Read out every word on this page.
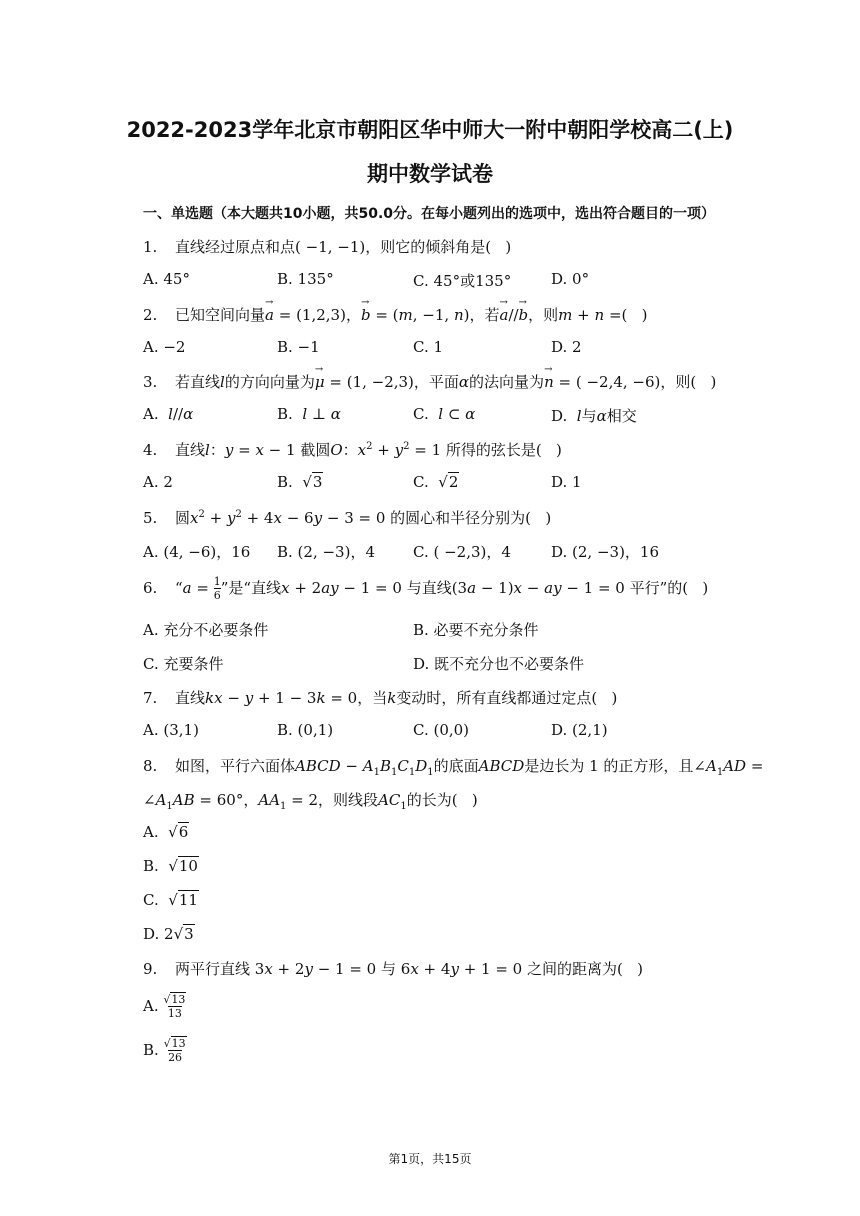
2022-2023学年北京市朝阳区华中师大一附中朝阳学校高二(上)
期中数学试卷
一、单选题（本大题共10小题，共50.0分。在每小题列出的选项中，选出符合题目的一项）
1. 直线经过原点和点( −1, −1)，则它的倾斜角是(   )
A. 45°	B. 135°	C. 45°或135°	D. 0°
2. 已知空间向量→ a = (1,2,3)，→ b = (m, −1, n)，若→ a//→ b，则m + n =(   )
A. −2	B. −1	C. 1	D. 2
3. 若直线l的方向向量为→ μ = (1, −2,3)，平面α的法向量为→ n = ( −2,4, −6)，则(   )
A.  l//α	B.  l ⊥ α	C.  l ⊂ α	D.  l与α相交
4. 直线l：y = x − 1 截圆O：$x^2 + y^2 = 1$ 所得的弦长是(   )
A. 2	B.  √3	C.  √2	D. 1
5. 圆$x^2 + y^2 + 4x - 6y - 3 = 0$ 的圆心和半径分别为(   )
A. (4, −6)，16 B. (2, −3)，4	C. ( −2,3)，4	D. (2, −3)，16
6. “$a = \frac{1}{6}$ ”是“直线x + 2ay − 1 = 0 与直线(3a − 1)x − ay − 1 = 0 平行”的(   )
A. 充分不必要条件	B. 必要不充分条件
C. 充要条件	D. 既不充分也不必要条件
7. 直线kx − y + 1 − 3k = 0，当k变动时，所有直线都通过定点(   )
A. (3,1)	B. (0,1)	C. (0,0)	D. (2,1)
8. 如图，平行六面体ABCD − $A_1B_1C_1D_1$的底面ABCD是边长为 1 的正方形，且$\angle A_1AD$ =
$\angle A_1AB = 60^\circ$，$AA_1 = 2$，则线段$AC_1$的长为(   )
A.  √6
B.  √10
C.  √11
D. 2√3
9. 两平行直线 3x + 2y − 1 = 0 与 6x + 4y + 1 = 0 之间的距离为(   )
A. $\frac{√13}{13}$
B. $\frac{√13}{26}$
第1页，共15页
